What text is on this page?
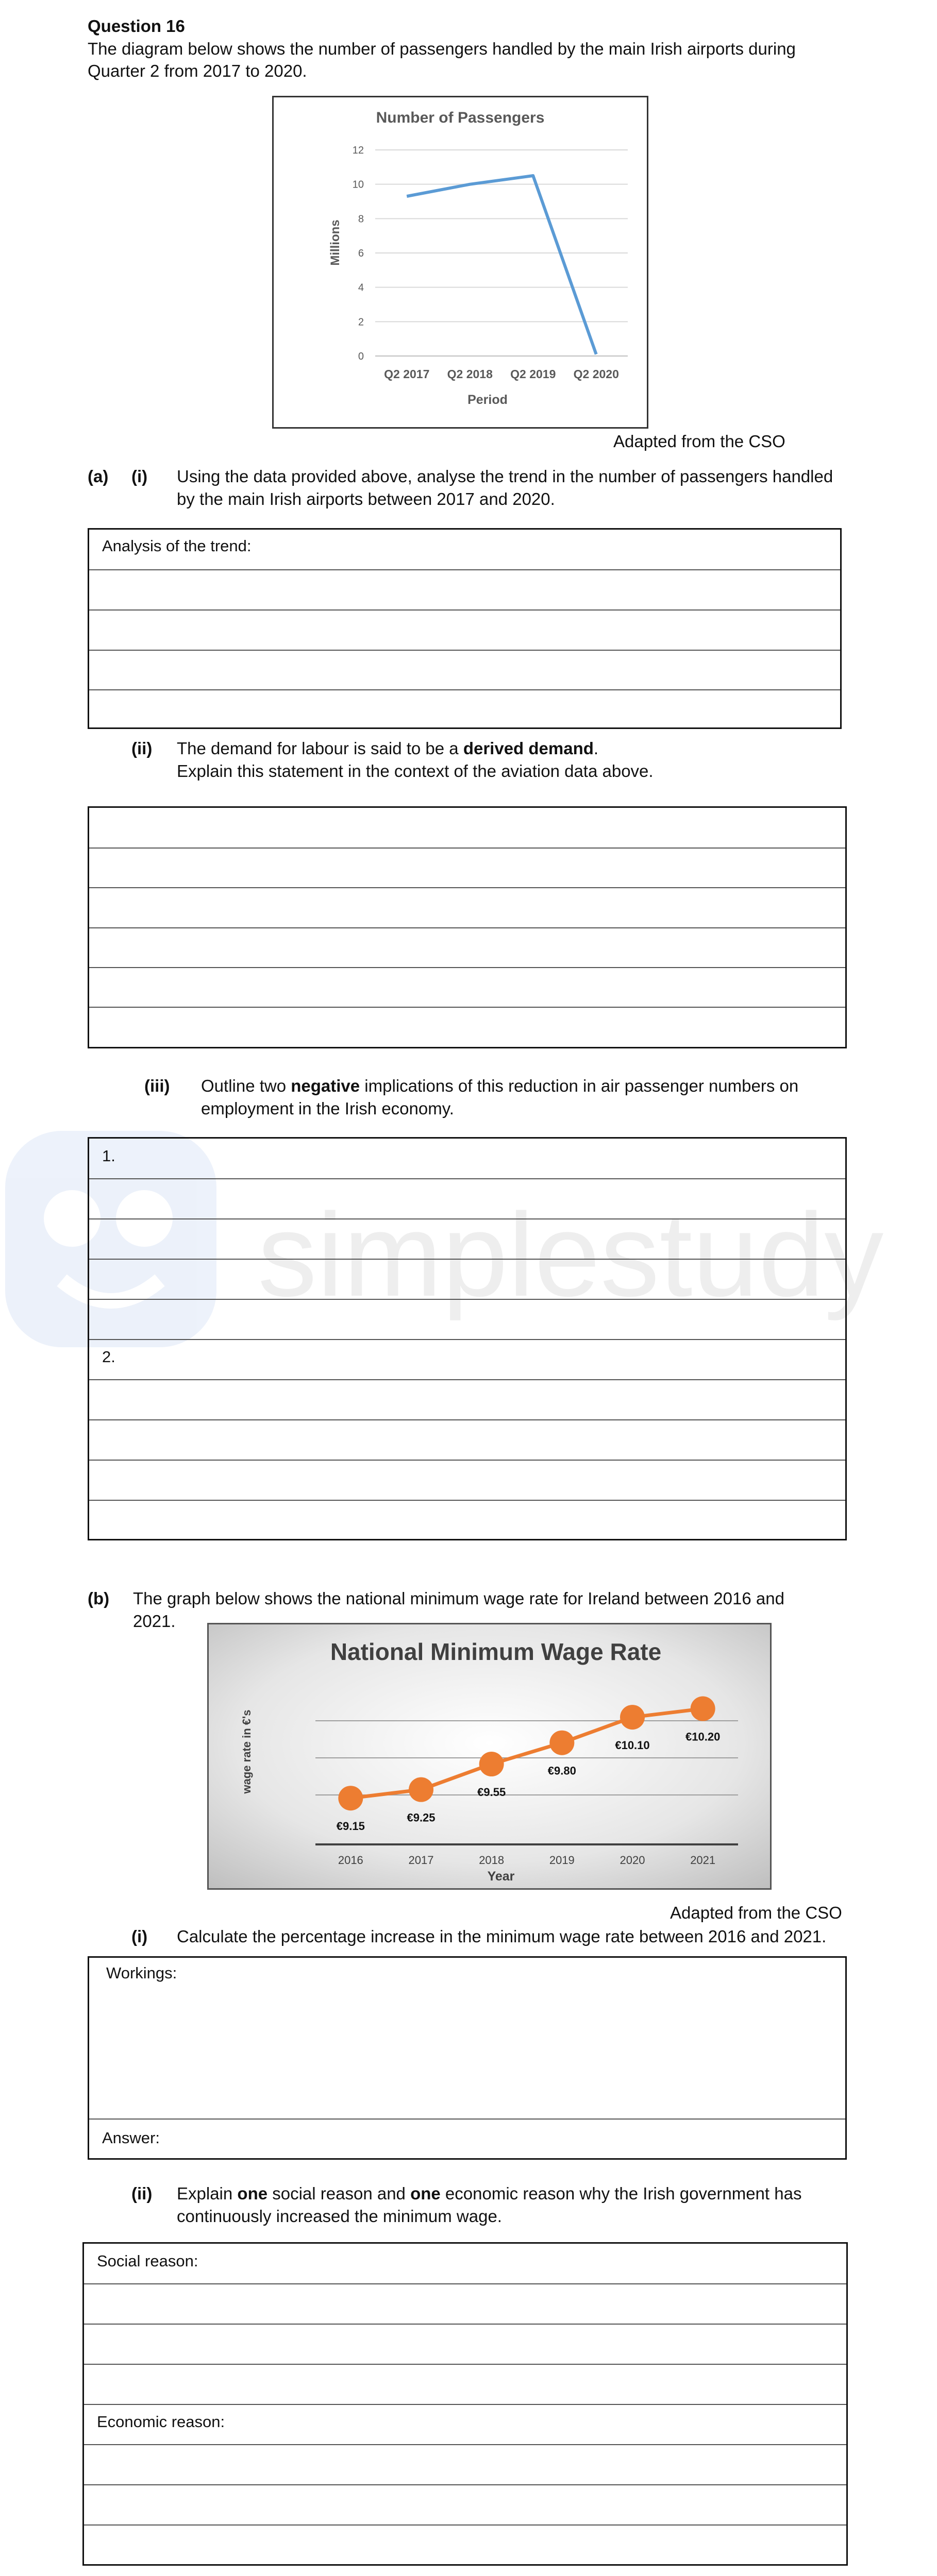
simplestudy
Question 16
The diagram below shows the number of passengers handled by the main Irish airports during
Quarter 2 from 2017 to 2020.
Number of Passengers
Millions
Period
0
2
4
6
8
10
12
Q2 2017 Q2 2018 Q2 2019 Q2 2020
Adapted from the CSO
(a) (i) Using the data provided above, analyse the trend in the number of passengers handled
by the main Irish airports between 2017 and 2020.
Analysis of the trend:
(ii) The demand for labour is said to be a derived demand.
Explain this statement in the context of the aviation data above.
(iii) Outline two negative implications of this reduction in air passenger numbers on
employment in the Irish economy.
1.
2.
(b) The graph below shows the national minimum wage rate for Ireland between 2016 and
2021.
National Minimum Wage Rate
wage rate in €'s
Year
2016	2017	2018	2019	2020	2021
€9.15
€9.25
€9.55
€9.80
€10.10
€10.20
Adapted from the CSO
(i) Calculate the percentage increase in the minimum wage rate between 2016 and 2021.
Workings:
Answer:
(ii) Explain one social reason and one economic reason why the Irish government has
continuously increased the minimum wage.
Social reason:
Economic reason:
